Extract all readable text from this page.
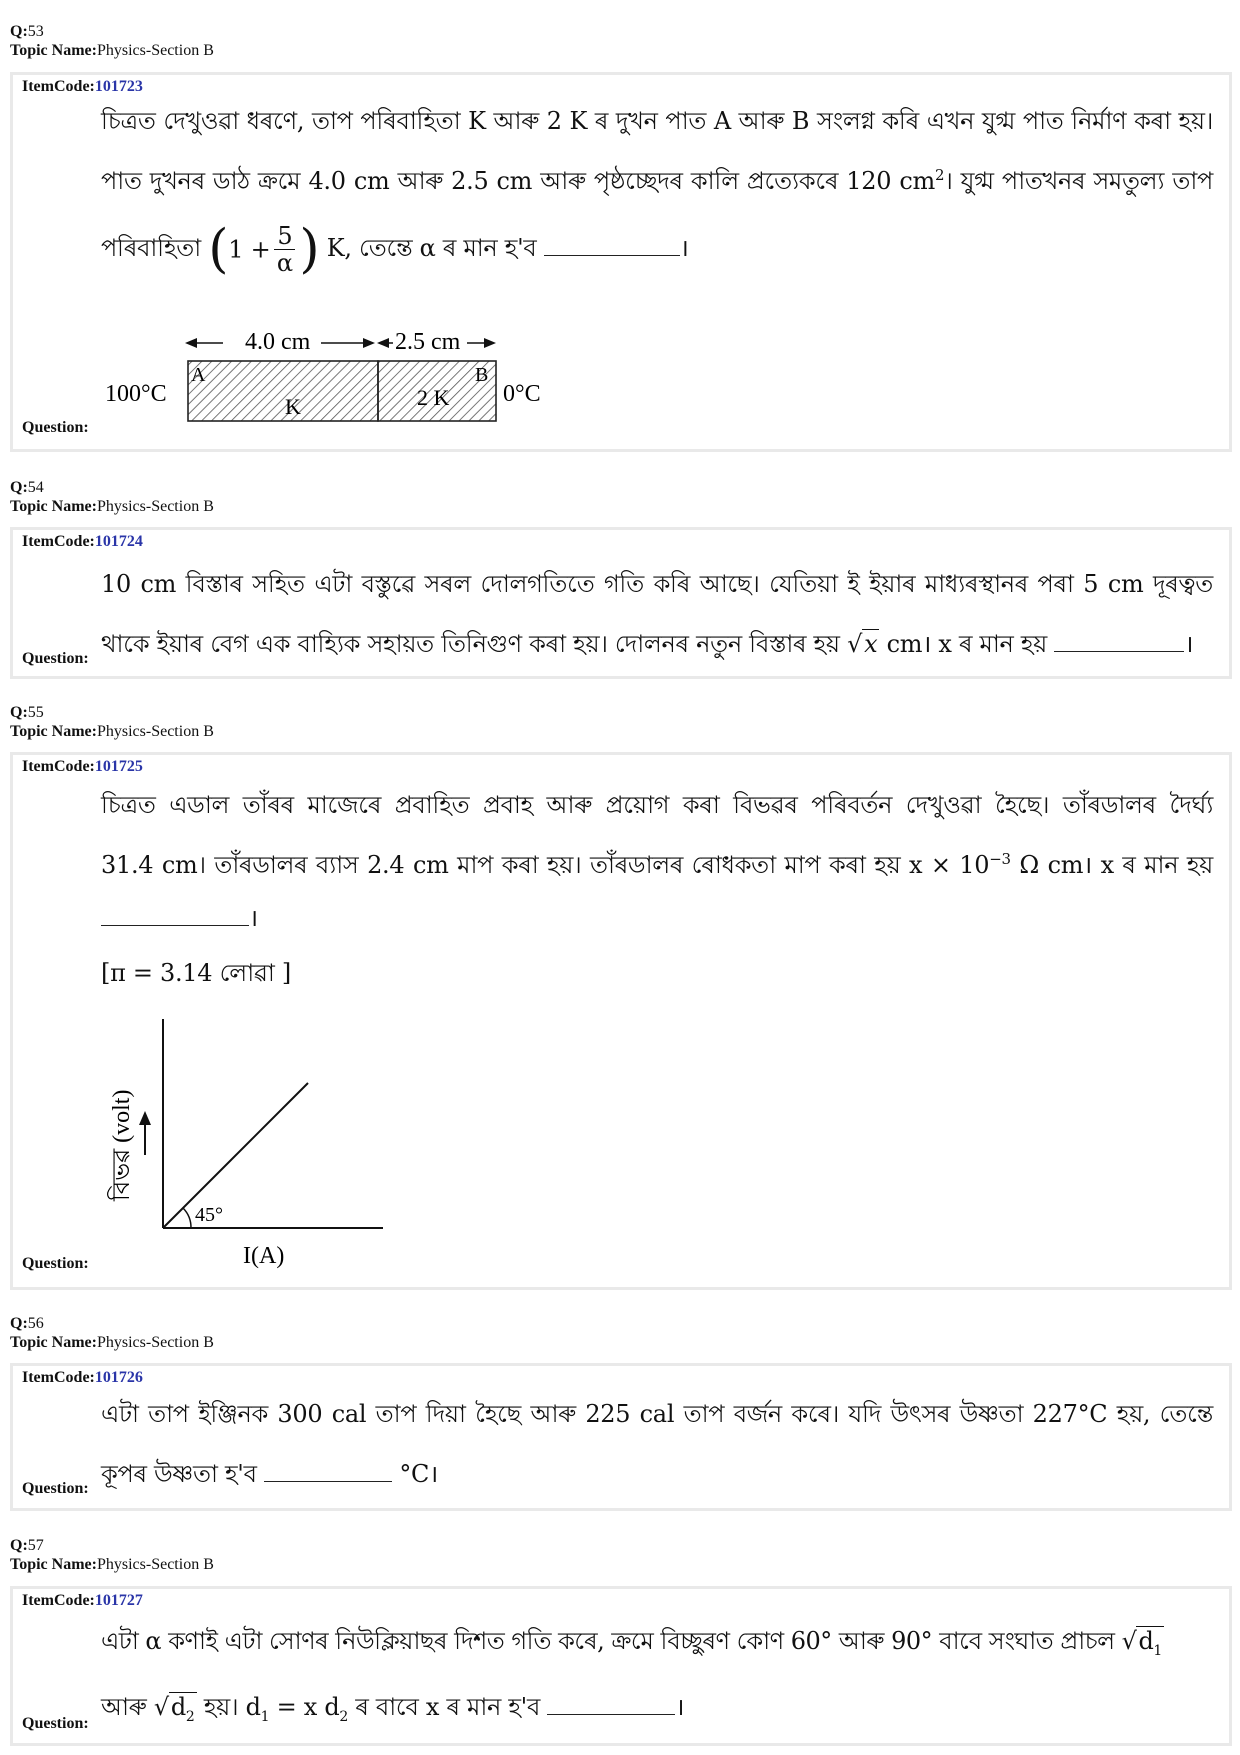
Q:53
Topic Name:Physics-Section B
ItemCode:101723
চিত্ৰত দেখুওৱা ধৰণে, তাপ পৰিবাহিতা K আৰু 2 K ৰ দুখন পাত A আৰু B সংলগ্ন কৰি এখন যুগ্ম পাত নিৰ্মাণ কৰা হয়।
পাত দুখনৰ ডাঠ ক্ৰমে 4.0 cm আৰু 2.5 cm আৰু পৃষ্ঠচ্ছেদৰ কালি প্ৰত্যেকৰে 120 $cm^2।$ যুগ্ম পাতখনৰ সমতুল্য তাপ
পৰিবাহিতা ($1 + \frac{5}{\alpha}$ ) K, তেন্তে α ৰ মান হ'ব	।
4.0 cm	2.5 cm
A
K	2 K
B
100°C	0°C
Question:
Q:54
Topic Name:Physics-Section B
ItemCode:101724
10 cm বিস্তাৰ সহিত এটা বস্তুৱে সৰল দোলগতিতে গতি কৰি আছে। যেতিয়া ই ইয়াৰ মাধ্যৰস্থানৰ পৰা 5 cm দূৰত্বত
থাকে ইয়াৰ বেগ এক বাহ্যিক সহায়ত তিনিগুণ কৰা হয়। দোলনৰ নতুন বিস্তাৰ হয় √x cm। x ৰ মান হয়	।
Question:
Q:55
Topic Name:Physics-Section B
ItemCode:101725
চিত্ৰত এডাল তাঁৰৰ মাজেৰে প্ৰবাহিত প্ৰবাহ আৰু প্ৰয়োগ কৰা বিভৱৰ পৰিবৰ্তন দেখুওৱা হৈছে। তাঁৰডালৰ দৈৰ্ঘ্য
31.4 cm। তাঁৰডালৰ ব্যাস 2.4 cm মাপ কৰা হয়। তাঁৰডালৰ ৰোধকতা মাপ কৰা হয় $x \times 10^{-3}$ Ω cm। x ৰ মান হয়
।
[π = 3.14 লোৱা ]
45°
বিভৱ (volt)
I(A)
Question:
Q:56
Topic Name:Physics-Section B
ItemCode:101726
এটা তাপ ইঞ্জিনক 300 cal তাপ দিয়া হৈছে আৰু 225 cal তাপ বৰ্জন কৰে। যদি উৎসৰ উষ্ণতা 227°C হয়, তেন্তে
কূপৰ উষ্ণতা হ'ব	°C।
Question:
Q:57
Topic Name:Physics-Section B
ItemCode:101727
এটা α কণাই এটা সোণৰ নিউক্লিয়াছৰ দিশত গতি কৰে, ক্ৰমে বিচ্ছুৰণ কোণ 60° আৰু 90° বাবে সংঘাত প্ৰাচল $√d_1$
আৰু $√d_2$ হয়। $d_1 = x$ $d_2$ ৰ বাবে x ৰ মান হ'ব	।
Question:
